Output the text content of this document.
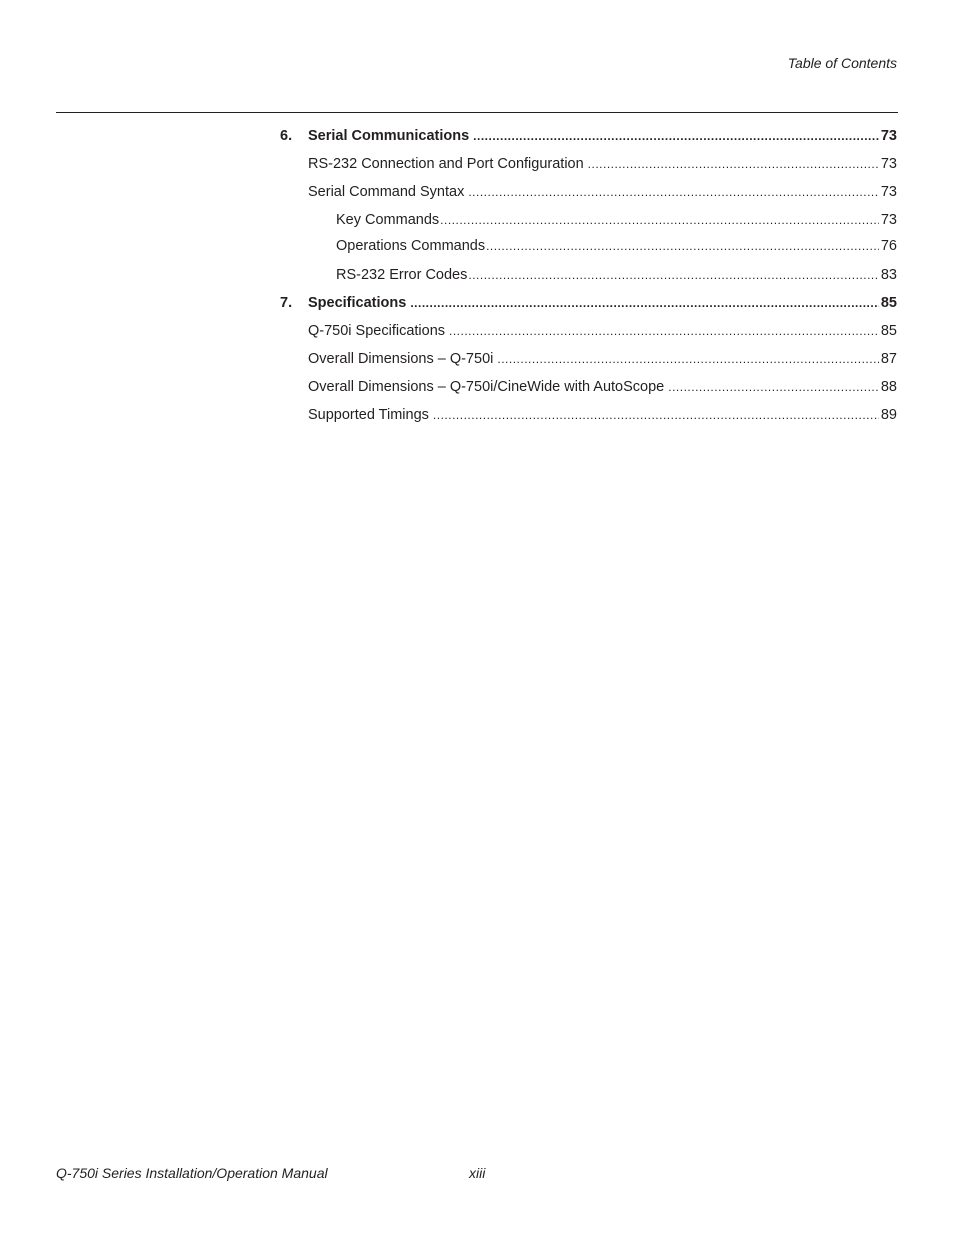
Table of Contents
6. Serial Communications .....	73
RS-232 Connection and Port Configuration .....	73
Serial Command Syntax .....	73
Key Commands .....	73
Operations Commands .....	76
RS-232 Error Codes .....	83
7. Specifications .....	85
Q-750i Specifications .....	85
Overall Dimensions – Q-750i .....	87
Overall Dimensions – Q-750i/CineWide with AutoScope .....	88
Supported Timings .....	89
Q-750i Series Installation/Operation Manual	xiii
